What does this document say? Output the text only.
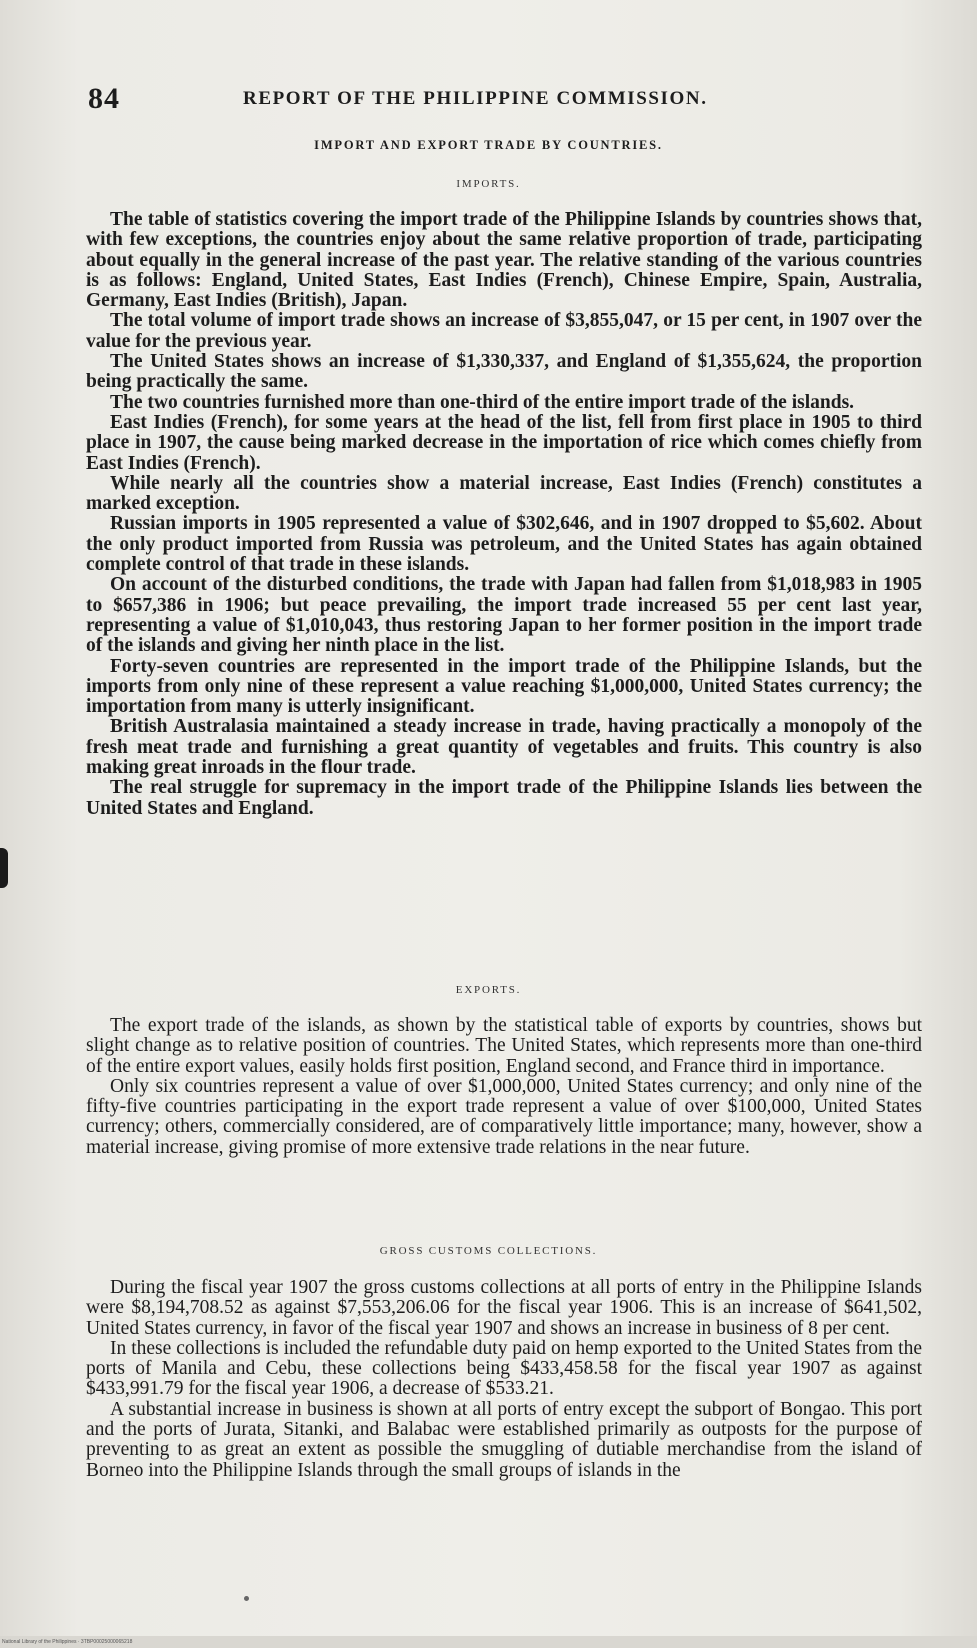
84	REPORT OF THE PHILIPPINE COMMISSION.
IMPORT AND EXPORT TRADE BY COUNTRIES.
IMPORTS.

The table of statistics covering the import trade of the Philippine Islands by countries shows that, with few exceptions, the countries enjoy about the same relative proportion of trade, participating about equally in the general increase of the past year. The relative standing of the various countries is as follows: England, United States, East Indies (French), Chinese Empire, Spain, Australia, Germany, East Indies (British), Japan.

The total volume of import trade shows an increase of $3,855,047, or 15 per cent, in 1907 over the value for the previous year.

The United States shows an increase of $1,330,337, and England of $1,355,624, the proportion being practically the same.

The two countries furnished more than one-third of the entire import trade of the islands.

East Indies (French), for some years at the head of the list, fell from first place in 1905 to third place in 1907, the cause being marked decrease in the importation of rice which comes chiefly from East Indies (French).

While nearly all the countries show a material increase, East Indies (French) constitutes a marked exception.

Russian imports in 1905 represented a value of $302,646, and in 1907 dropped to $5,602. About the only product imported from Russia was petroleum, and the United States has again obtained complete control of that trade in these islands.

On account of the disturbed conditions, the trade with Japan had fallen from $1,018,983 in 1905 to $657,386 in 1906; but peace prevailing, the import trade increased 55 per cent last year, representing a value of $1,010,043, thus restoring Japan to her former position in the import trade of the islands and giving her ninth place in the list.

Forty-seven countries are represented in the import trade of the Philippine Islands, but the imports from only nine of these represent a value reaching $1,000,000, United States currency; the importation from many is utterly insignificant.

British Australasia maintained a steady increase in trade, having practically a monopoly of the fresh meat trade and furnishing a great quantity of vegetables and fruits. This country is also making great inroads in the flour trade.

The real struggle for supremacy in the import trade of the Philippine Islands lies between the United States and England.

EXPORTS.

The export trade of the islands, as shown by the statistical table of exports by countries, shows but slight change as to relative position of countries. The United States, which represents more than one-third of the entire export values, easily holds first position, England second, and France third in importance.

Only six countries represent a value of over $1,000,000, United States currency; and only nine of the fifty-five countries participating in the export trade represent a value of over $100,000, United States currency; others, commercially considered, are of comparatively little importance; many, however, show a material increase, giving promise of more extensive trade relations in the near future.

GROSS CUSTOMS COLLECTIONS.

During the fiscal year 1907 the gross customs collections at all ports of entry in the Philippine Islands were $8,194,708.52 as against $7,553,206.06 for the fiscal year 1906. This is an increase of $641,502, United States currency, in favor of the fiscal year 1907 and shows an increase in business of 8 per cent.

In these collections is included the refundable duty paid on hemp exported to the United States from the ports of Manila and Cebu, these collections being $433,458.58 for the fiscal year 1907 as against $433,991.79 for the fiscal year 1906, a decrease of $533.21.

A substantial increase in business is shown at all ports of entry except the subport of Bongao. This port and the ports of Jurata, Sitanki, and Balabac were established primarily as outposts for the purpose of preventing to as great an extent as possible the smuggling of dutiable merchandise from the island of Borneo into the Philippine Islands through the small groups of islands in the

National Library of the Philippines · 3TBP00025000065218
